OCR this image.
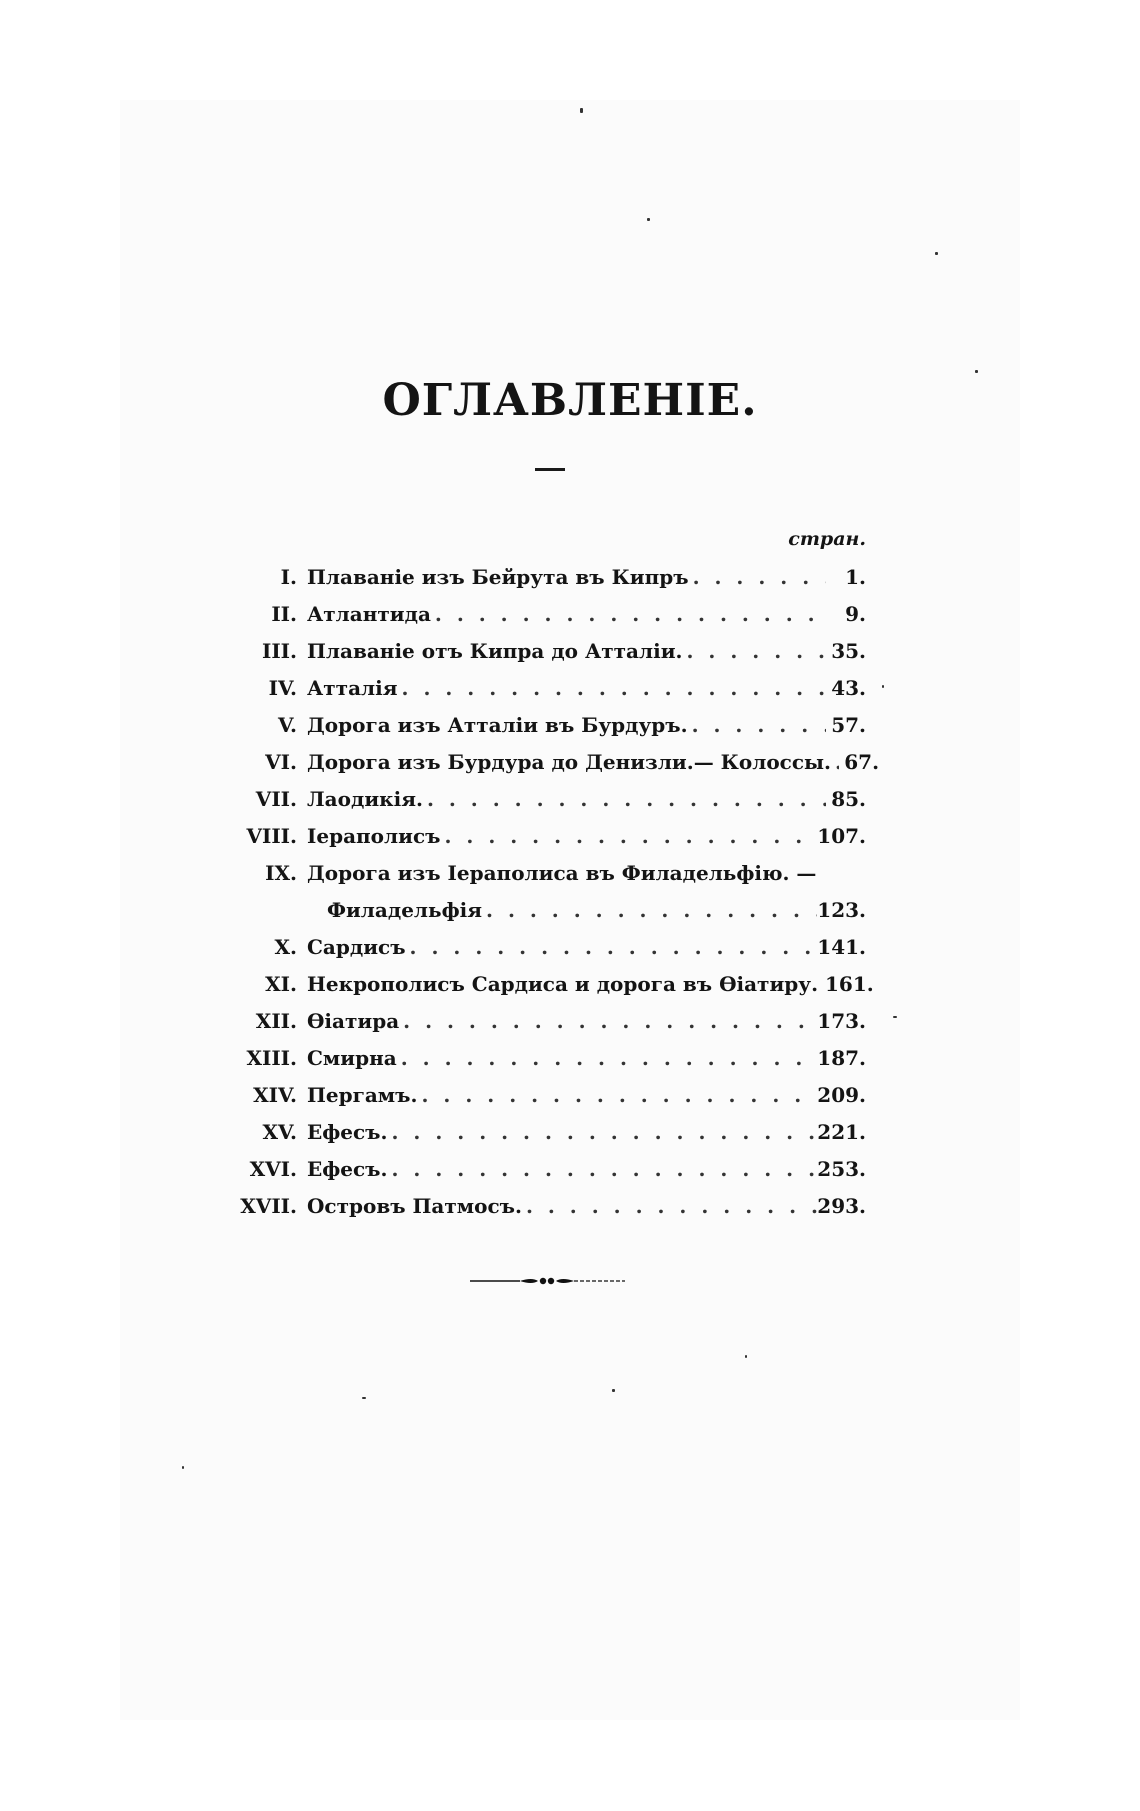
ОГЛАВЛЕНІЕ.
стран.
I. Плаваніе изъ Бейрута въ Кипръ . . .	1.
II. Атлантида . . .	9.
III. Плаваніе отъ Кипра до Атталіи. . . .	35.
IV. Атталія . . .	43.
V. Дорога изъ Атталіи въ Бурдуръ. . . .	57.
VI. Дорога изъ Бурдура до Денизли.— Колоссы. . . . 67.
VII. Лаодикія. . . .	85.
VIII. Іераполисъ . . .	107.
IX. Дорога изъ Іераполиса въ Филадельфію. —
Филадельфія . . .	123.
X. Сардисъ . . .	141.
XI. Некрополисъ Сардиса и дорога въ Ѳіатиру . 161.
XII. Ѳіатира . . .	173.
XIII. Смирна . . .	187.
XIV. Пергамъ. . . .	209.
XV. Ефесъ. . . .	221.
XVI. Ефесъ. . . .	253.
XVII. Островъ Патмосъ. . . .	293.
